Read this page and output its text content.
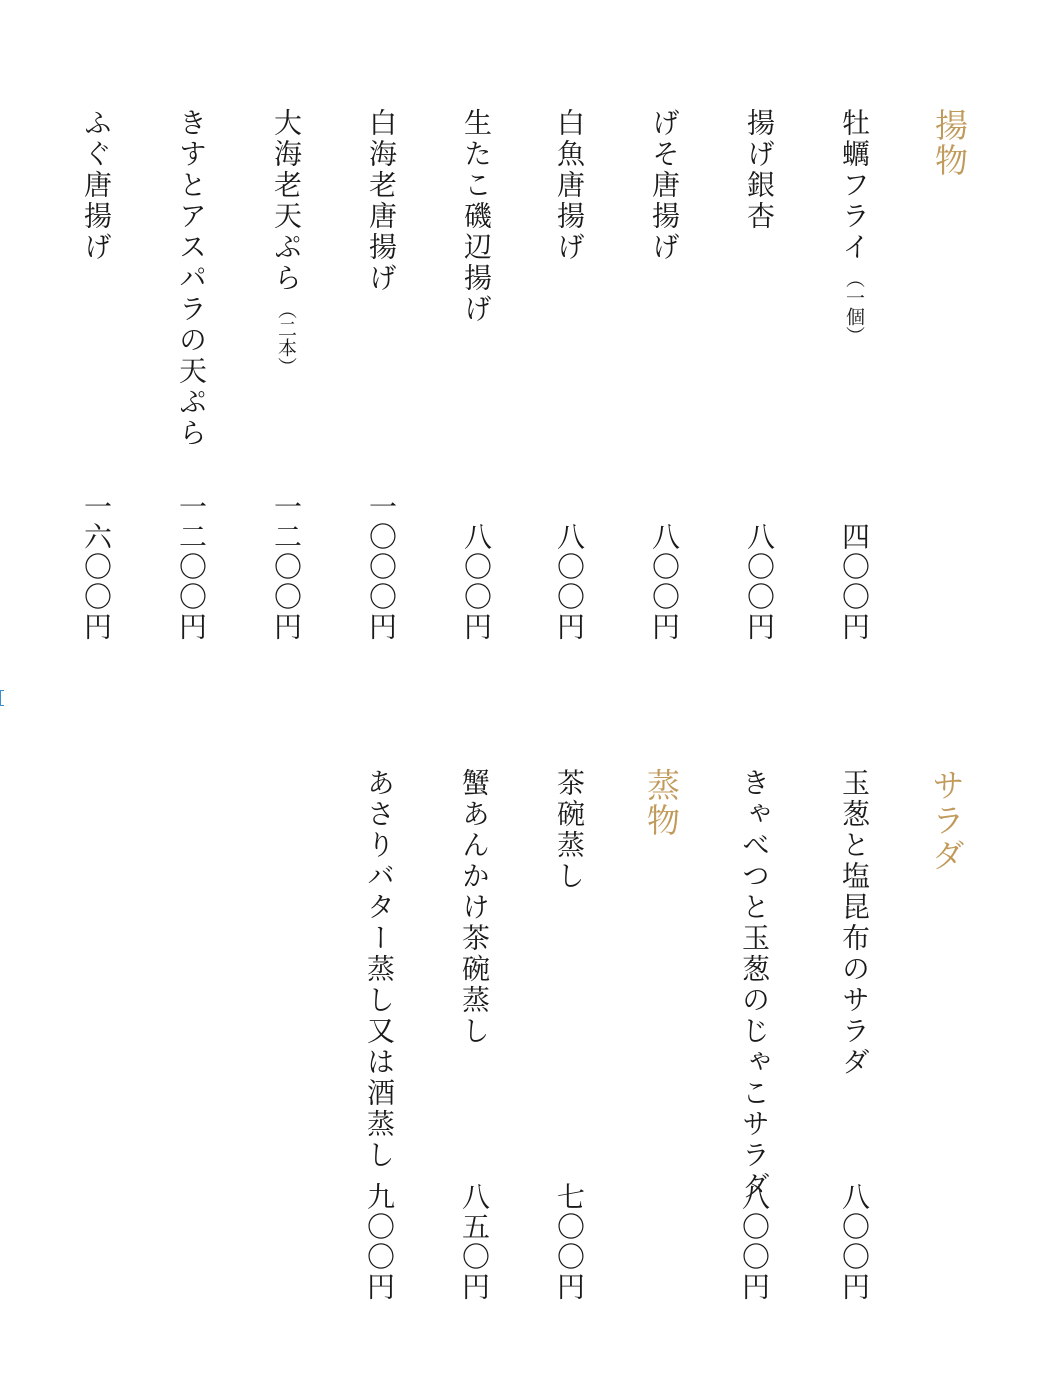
揚物
牡蠣フライ（一個）
四〇〇円
揚げ銀杏
八〇〇円
げそ唐揚げ
八〇〇円
白魚唐揚げ
八〇〇円
生たこ磯辺揚げ
八〇〇円
白海老唐揚げ
一〇〇〇円
大海老天ぷら（二本）
一二〇〇円
きすとアスパラの天ぷら
一二〇〇円
ふぐ唐揚げ
一六〇〇円
サラダ
玉葱と塩昆布のサラダ
八〇〇円
きゃべつと玉葱のじゃこサラダ
八〇〇円
蒸物
茶碗蒸し
七〇〇円
蟹あんかけ茶碗蒸し
八五〇円
あさりバター蒸し又は酒蒸し
九〇〇円
